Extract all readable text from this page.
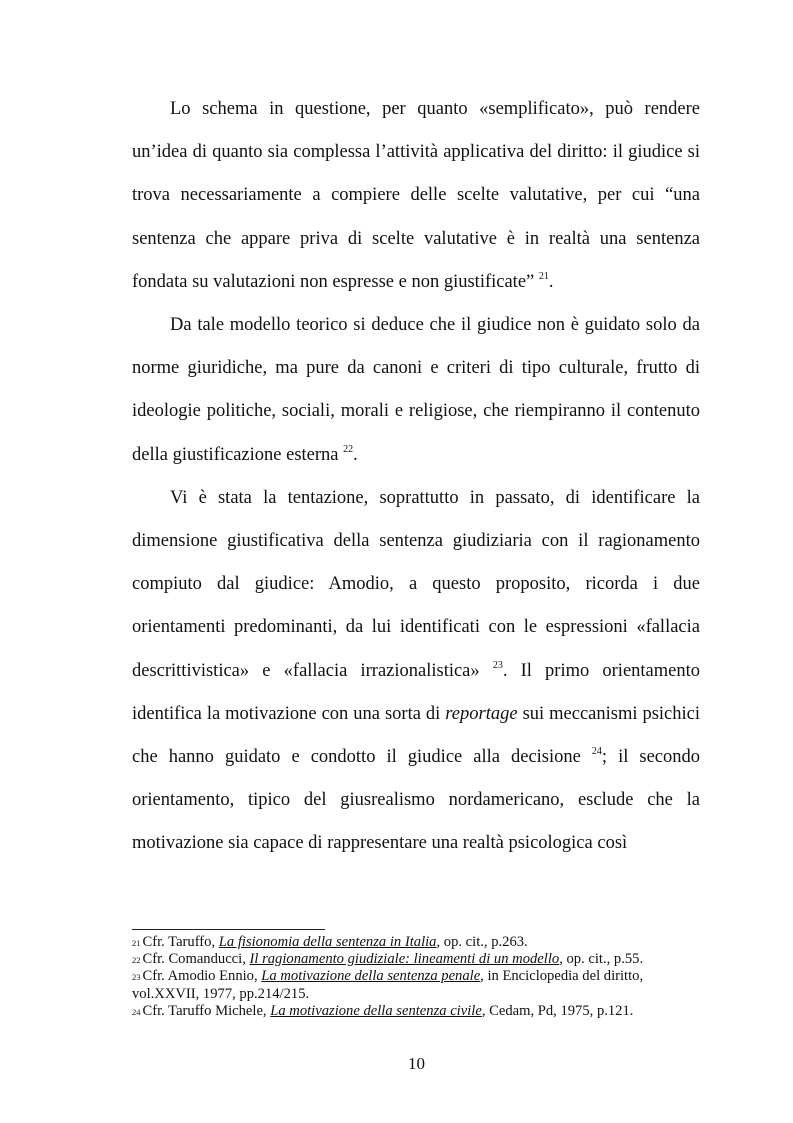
Lo schema in questione, per quanto «semplificato», può rendere un’idea di quanto sia complessa l’attività applicativa del diritto: il giudice si trova necessariamente a compiere delle scelte valutative, per cui “una sentenza che appare priva di scelte valutative è in realtà una sentenza fondata su valutazioni non espresse e non giustificate” $^{21}$.

Da tale modello teorico si deduce che il giudice non è guidato solo da norme giuridiche, ma pure da canoni e criteri di tipo culturale, frutto di ideologie politiche, sociali, morali e religiose, che riempiranno il contenuto della giustificazione esterna $^{22}$.

Vi è stata la tentazione, soprattutto in passato, di identificare la dimensione giustificativa della sentenza giudiziaria con il ragionamento compiuto dal giudice: Amodio, a questo proposito, ricorda i due orientamenti predominanti, da lui identificati con le espressioni «fallacia descrittivistica» e «fallacia irrazionalistica» $^{23}$. Il primo orientamento identifica la motivazione con una sorta di reportage sui meccanismi psichici che hanno guidato e condotto il giudice alla decisione $^{24}$; il secondo orientamento, tipico del giusrealismo nordamericano, esclude che la motivazione sia capace di rappresentare una realtà psicologica così

$^{21}$ Cfr. Taruffo, La fisionomia della sentenza in Italia, op. cit., p.263.

$^{22}$ Cfr. Comanducci, Il ragionamento giudiziale: lineamenti di un modello, op. cit., p.55.

$^{23}$ Cfr. Amodio Ennio, La motivazione della sentenza penale, in Enciclopedia del diritto, vol.XXVII, 1977, pp.214/215.

$^{24}$ Cfr. Taruffo Michele, La motivazione della sentenza civile, Cedam, Pd, 1975, p.121.

10
